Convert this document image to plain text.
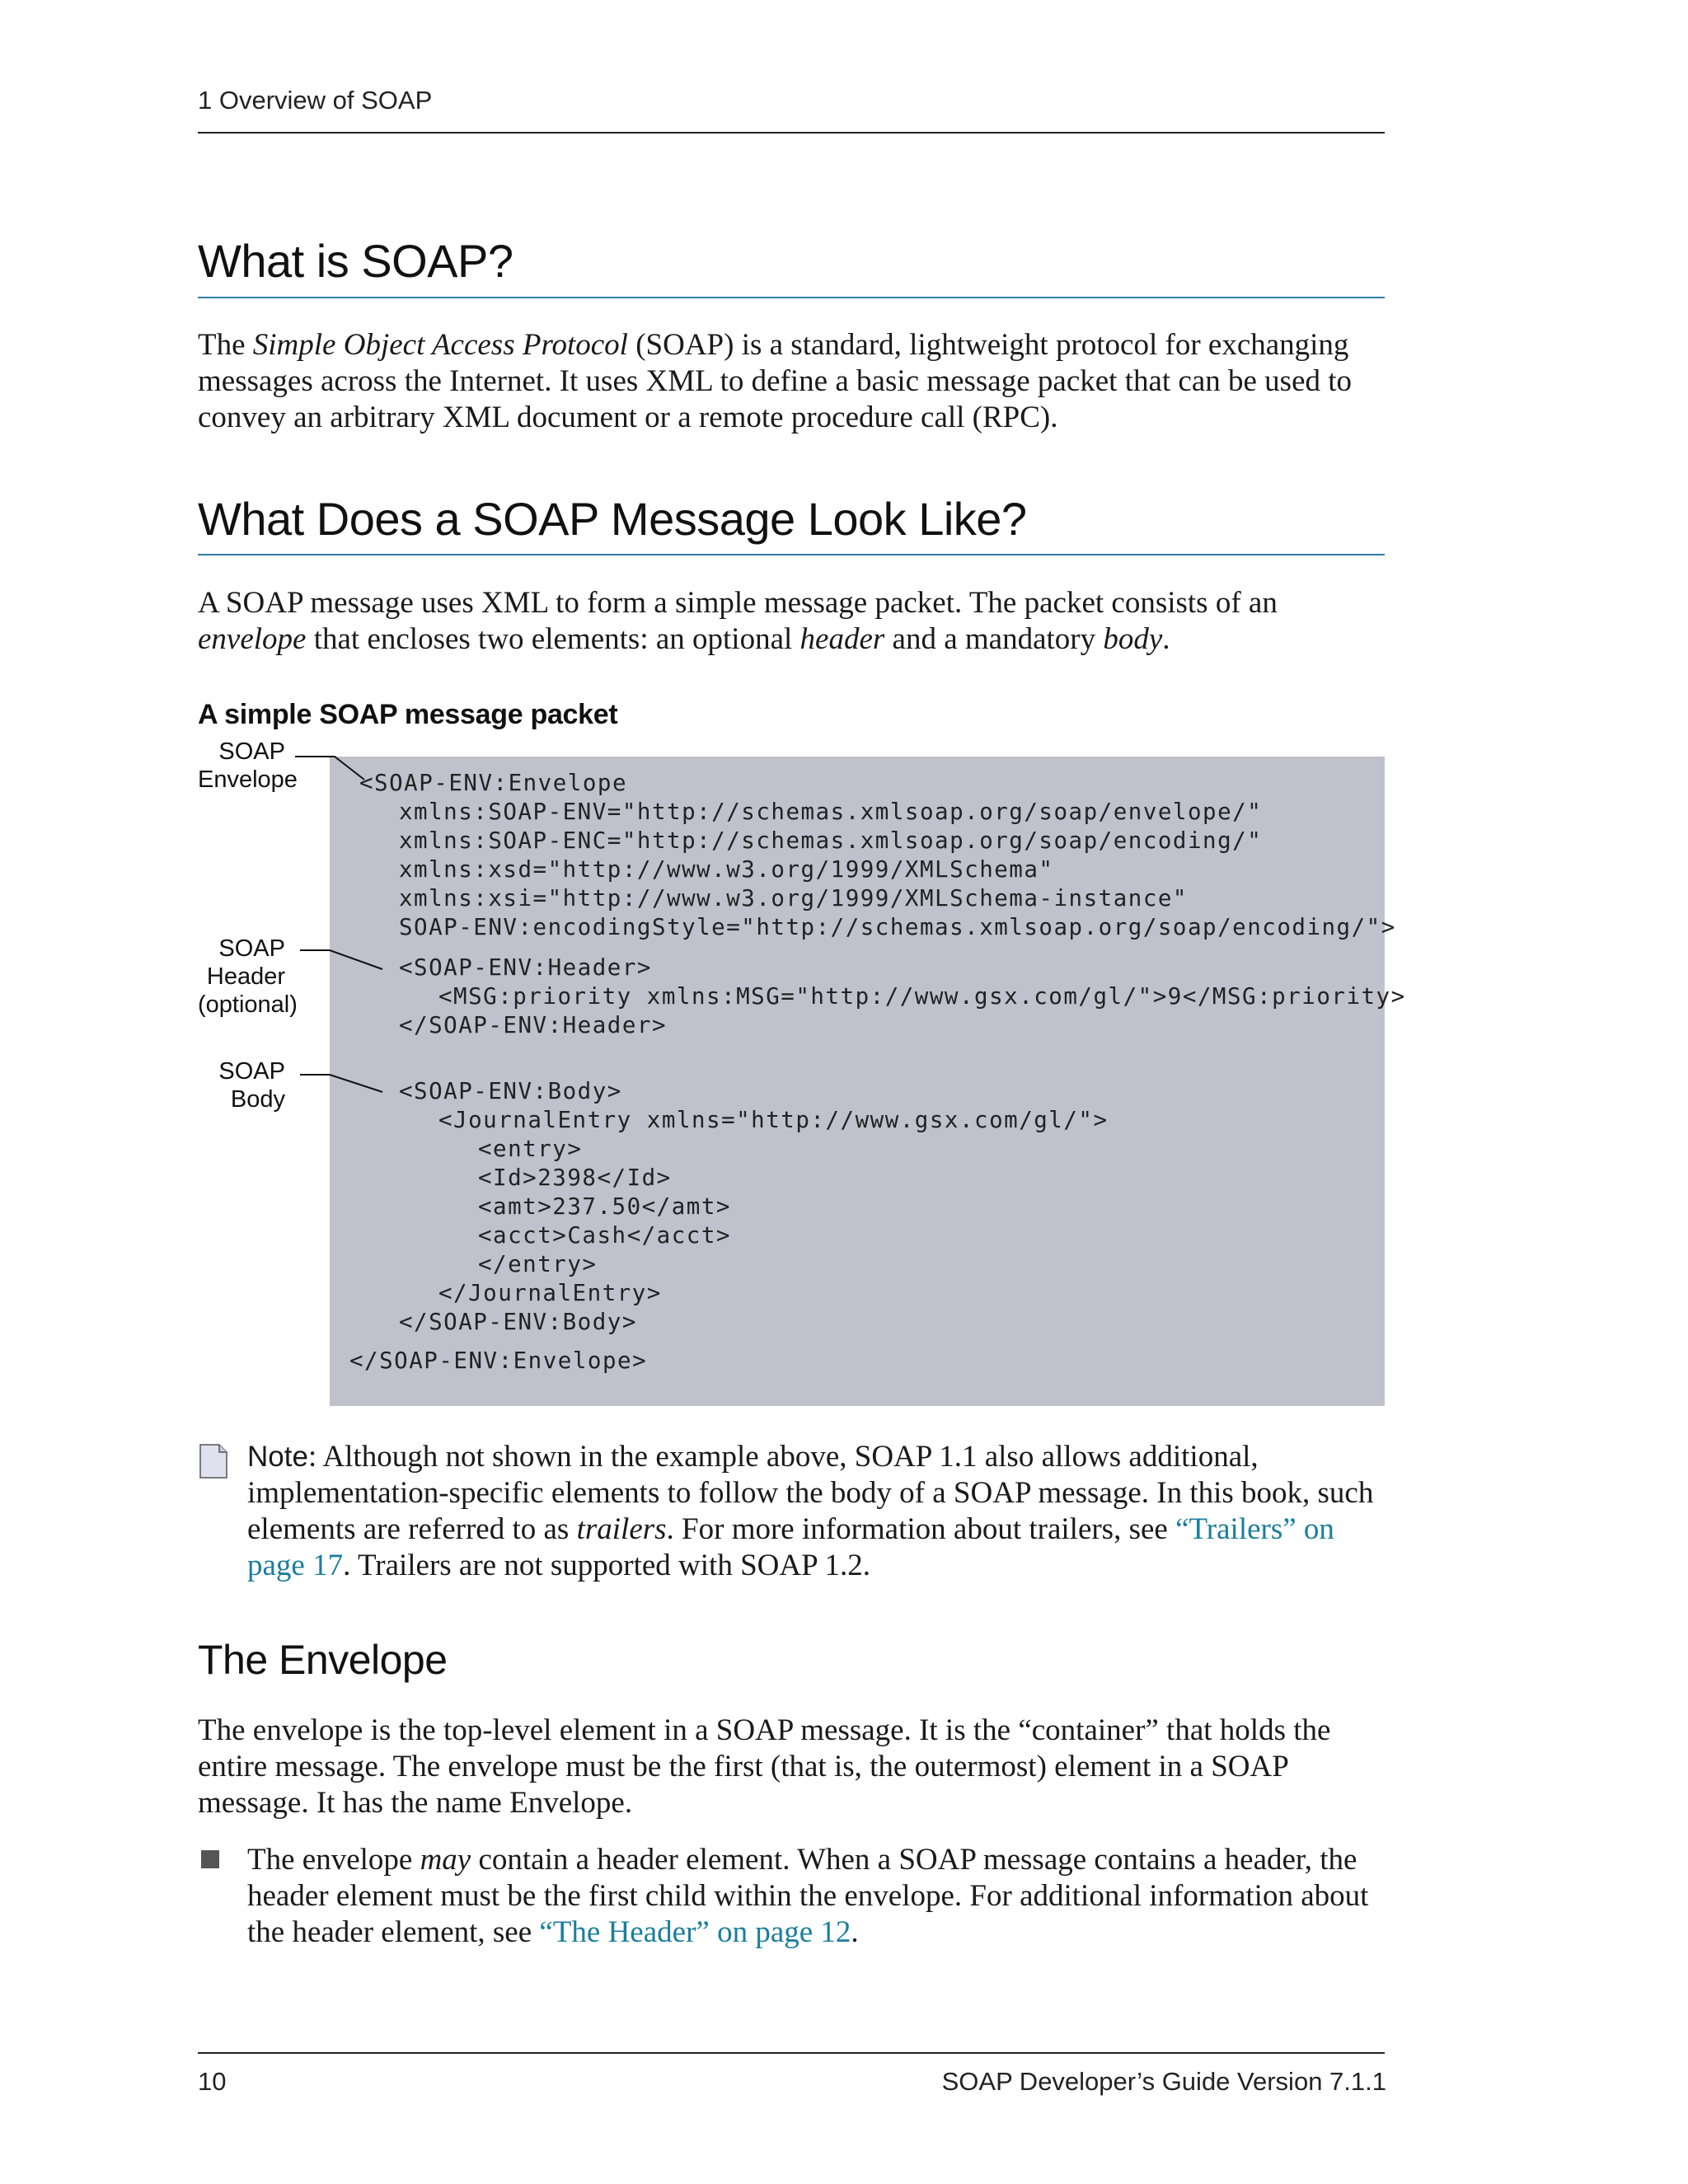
1 Overview of SOAP
What is SOAP?

The Simple Object Access Protocol (SOAP) is a standard, lightweight protocol for exchanging messages across the Internet. It uses XML to define a basic message packet that can be used to convey an arbitrary XML document or a remote procedure call (RPC).

What Does a SOAP Message Look Like?

A SOAP message uses XML to form a simple message packet. The packet consists of an envelope that encloses two elements: an optional header and a mandatory body.

A simple SOAP message packet
SOAP
Envelope
SOAP
Header
(optional)
SOAP
Body
<SOAP-ENV:Envelope
xmlns:SOAP-ENV="http://schemas.xmlsoap.org/soap/envelope/"
xmlns:SOAP-ENC="http://schemas.xmlsoap.org/soap/encoding/"
xmlns:xsd="http://www.w3.org/1999/XMLSchema"
xmlns:xsi="http://www.w3.org/1999/XMLSchema-instance"
SOAP-ENV:encodingStyle="http://schemas.xmlsoap.org/soap/encoding/">
<SOAP-ENV:Header>
<MSG:priority xmlns:MSG="http://www.gsx.com/gl/">9</MSG:priority>
</SOAP-ENV:Header>
<SOAP-ENV:Body>
<JournalEntry xmlns="http://www.gsx.com/gl/">
<entry>
<Id>2398</Id>
<amt>237.50</amt>
<acct>Cash</acct>
</entry>
</JournalEntry>
</SOAP-ENV:Body>
</SOAP-ENV:Envelope>

Note: Although not shown in the example above, SOAP 1.1 also allows additional, implementation-specific elements to follow the body of a SOAP message. In this book, such elements are referred to as trailers. For more information about trailers, see “Trailers” on page 17. Trailers are not supported with SOAP 1.2.

The Envelope

The envelope is the top-level element in a SOAP message. It is the “container” that holds the entire message. The envelope must be the first (that is, the outermost) element in a SOAP message. It has the name Envelope.

The envelope may contain a header element. When a SOAP message contains a header, the header element must be the first child within the envelope. For additional information about the header element, see “The Header” on page 12.

10	SOAP Developer’s Guide Version 7.1.1
